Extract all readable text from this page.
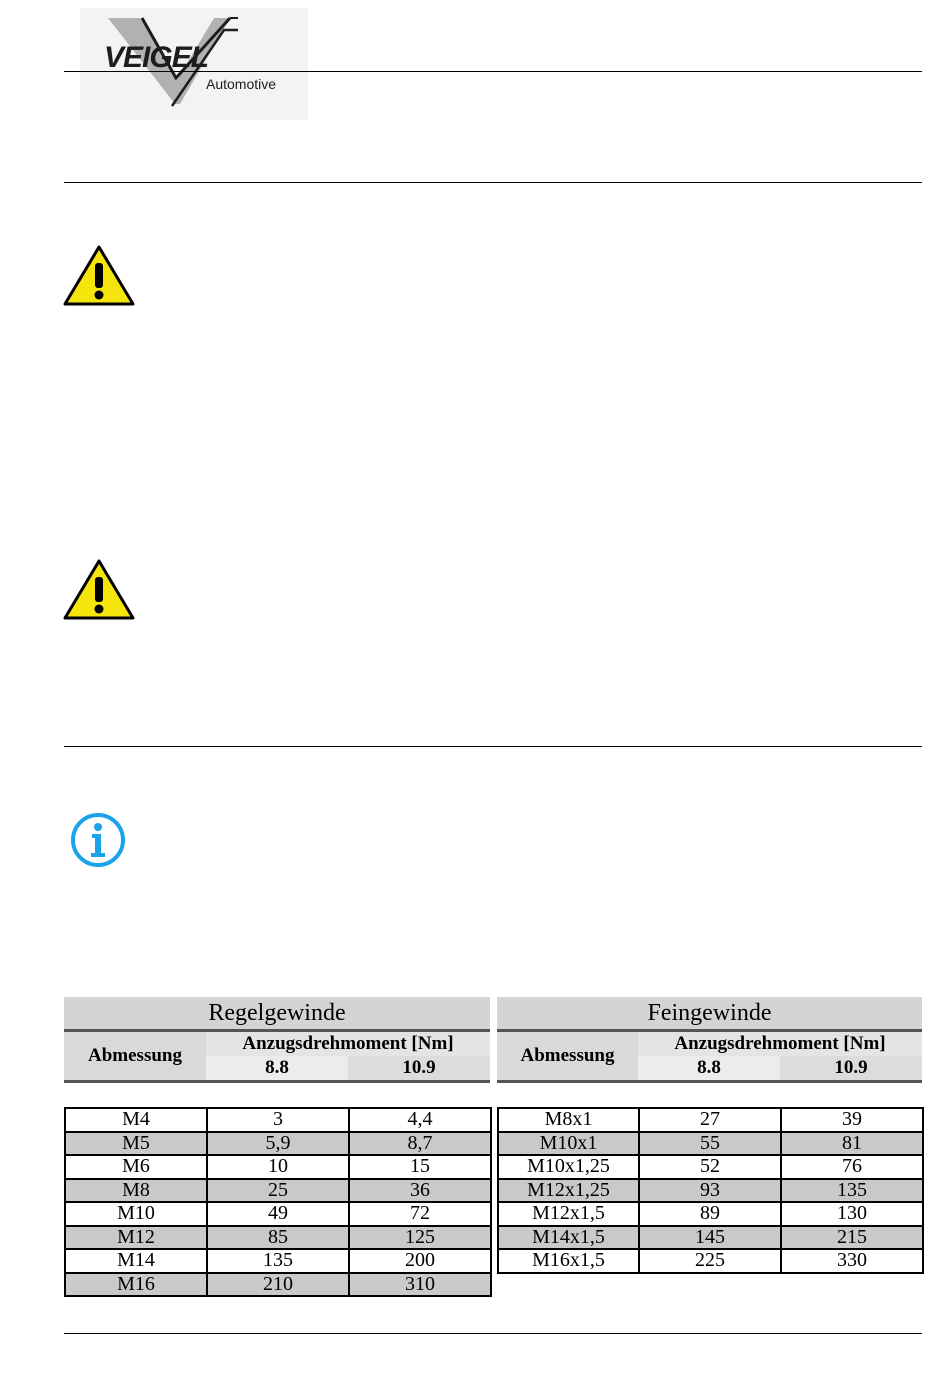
VEIGEL
Automotive
Regelgewinde		
Abmessung	Anzugsdrehmoment [Nm]	
	8.8	10.9
Feingewinde		
Abmessung	Anzugsdrehmoment [Nm]	
	8.8	10.9
M4	3	4,4
M5	5,9	8,7
M6	10	15
M8	25	36
M10	49	72
M12	85	125
M14	135	200
M16	210	310
M8x1	27	39
M10x1	55	81
M10x1,25	52	76
M12x1,25	93	135
M12x1,5	89	130
M14x1,5	145	215
M16x1,5	225	330
